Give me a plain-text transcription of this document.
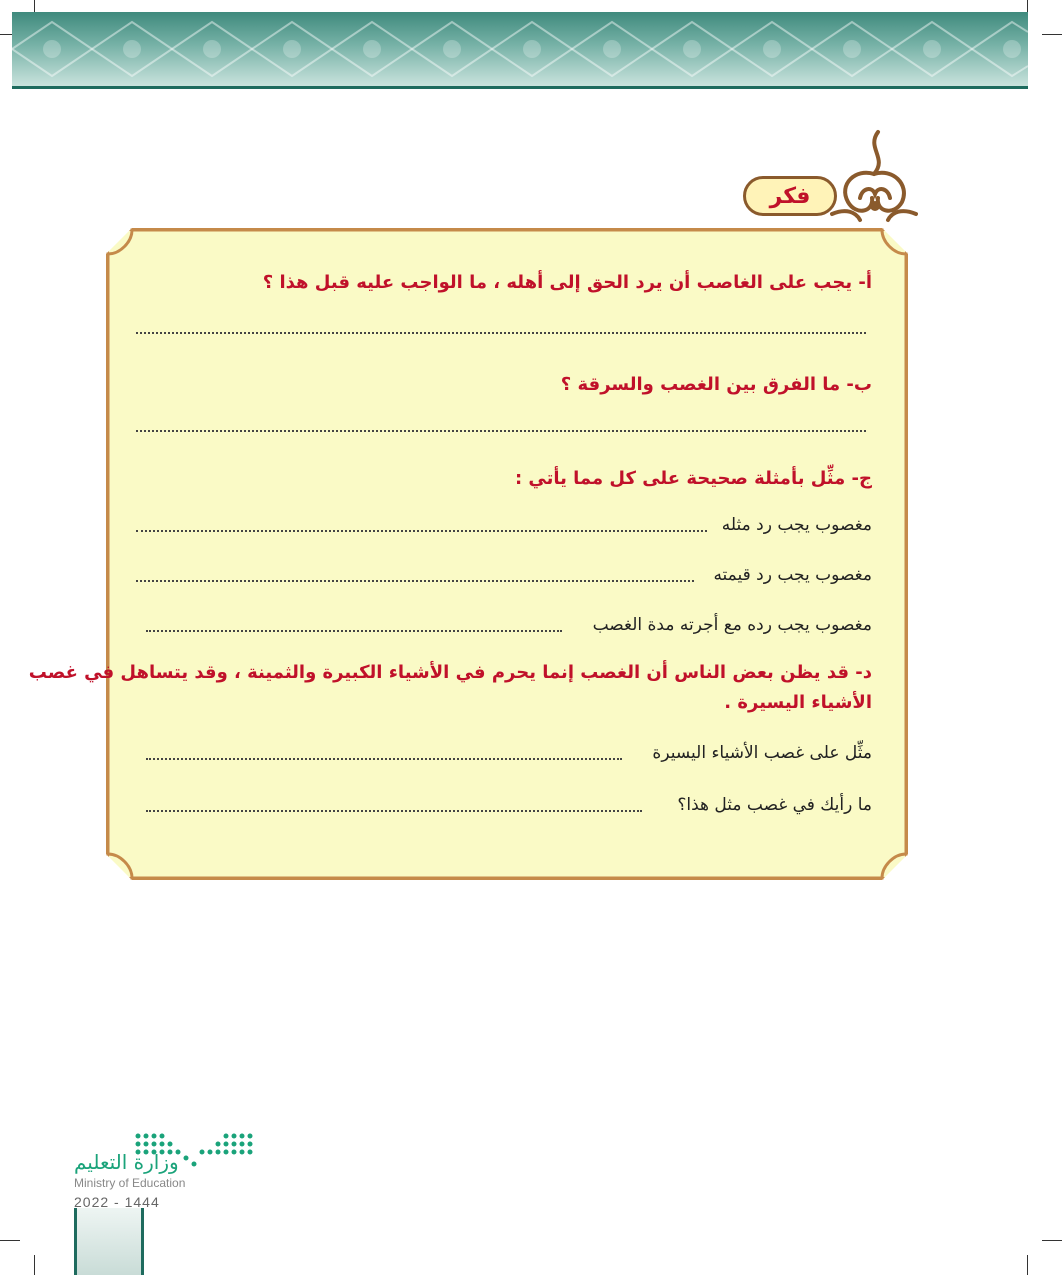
فكر
أ- يجب على الغاصب أن يرد الحق إلى أهله ، ما الواجب عليه قبل هذا ؟
ب- ما الفرق بين الغصب والسرقة ؟
ج- مثِّل بأمثلة صحيحة على كل مما يأتي :
مغصوب يجب رد مثله
مغصوب يجب رد قيمته
مغصوب يجب رده مع أجرته مدة الغصب
د- قد يظن بعض الناس أن الغصب إنما يحرم في الأشياء الكبيرة والثمينة ، وقد يتساهل في غصب
الأشياء اليسيرة .
مثِّل على غصب الأشياء اليسيرة
ما رأيك في غصب مثل هذا؟
وزارة التعليم
Ministry of Education
2022 - 1444
